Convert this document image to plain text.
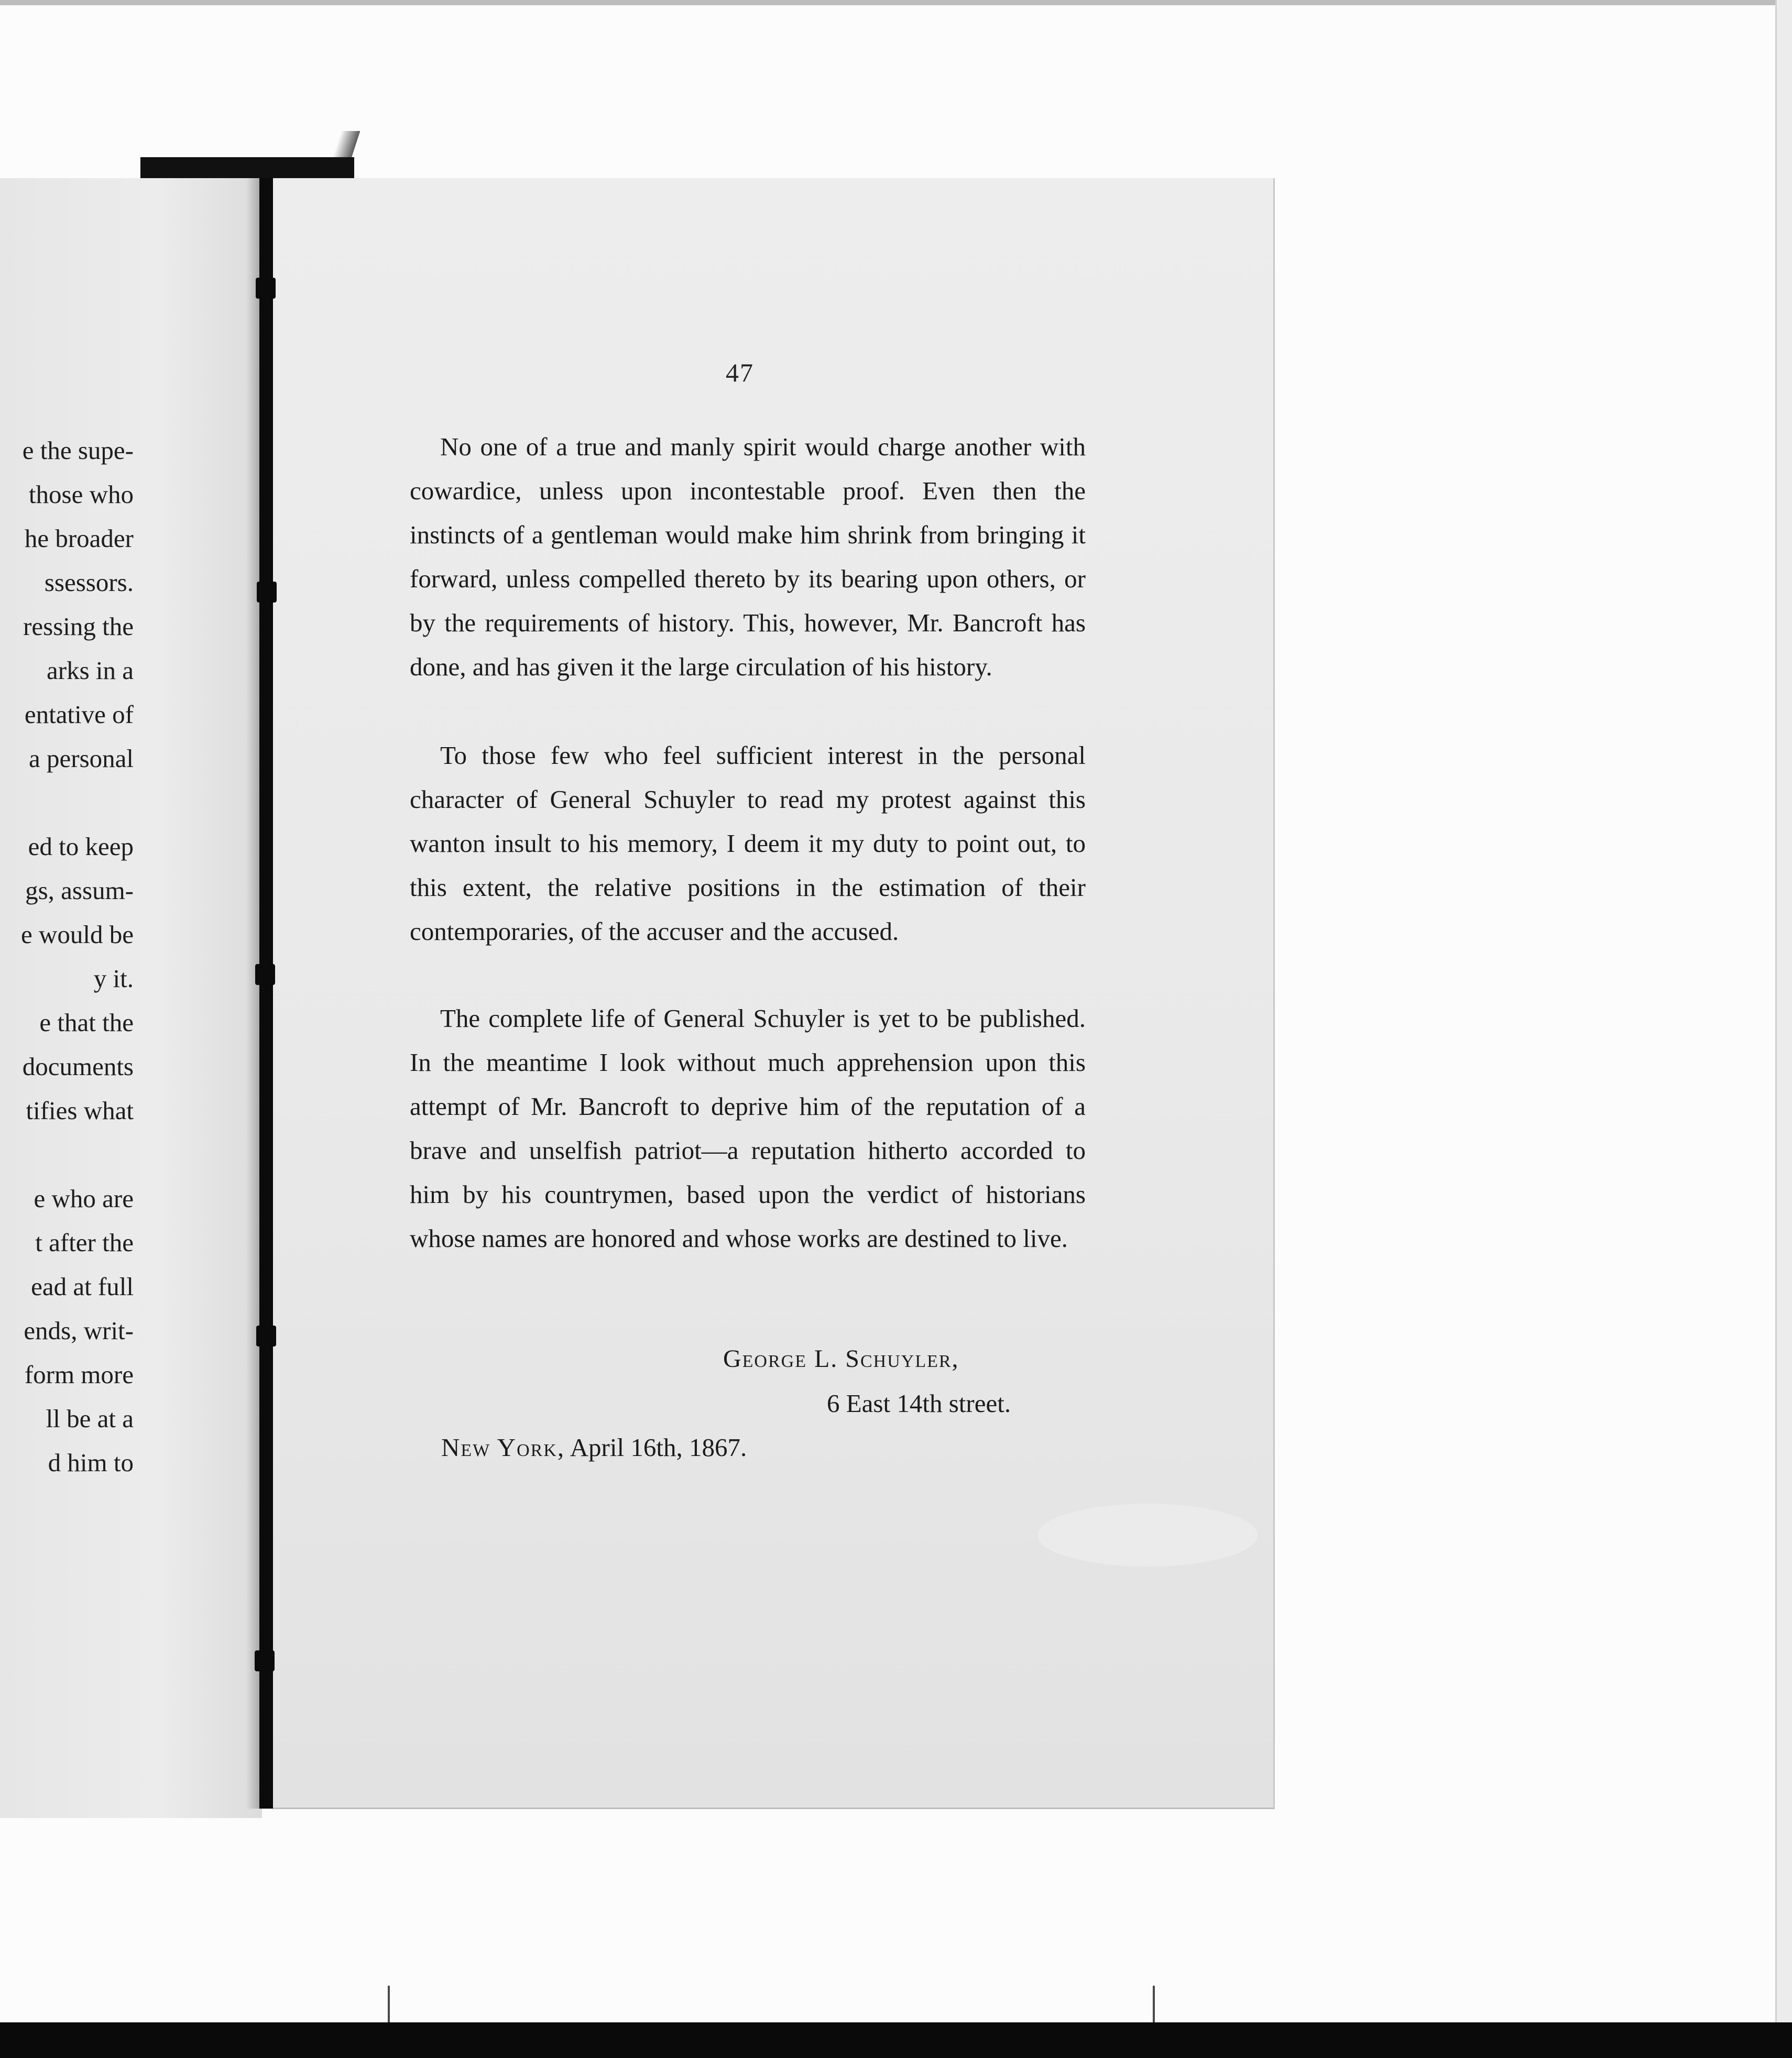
e the supe-
those who
he broader
ssessors.
ressing the
arks in a
entative of
a personal
ed to keep
gs, assum-
e would be
y it.
e that the
documents
tifies what
e who are
t after the
ead at full
ends, writ-
form more
ll be at a
d him to
47

No one of a true and manly spirit would charge another with cowardice, unless upon incontestable proof. Even then the instincts of a gentleman would make him shrink from bringing it forward, unless compelled thereto by its bearing upon others, or by the requirements of history. This, however, Mr. Bancroft has done, and has given it the large circulation of his history.

To those few who feel sufficient interest in the personal character of General Schuyler to read my protest against this wanton insult to his memory, I deem it my duty to point out, to this extent, the relative positions in the estimation of their contemporaries, of the accuser and the accused.

The complete life of General Schuyler is yet to be published. In the meantime I look without much apprehension upon this attempt of Mr. Bancroft to deprive him of the reputation of a brave and unselfish patriot—a reputation hitherto accorded to him by his countrymen, based upon the verdict of historians whose names are honored and whose works are destined to live.

George L. Schuyler,
6 East 14th street.
New York, April 16th, 1867.
